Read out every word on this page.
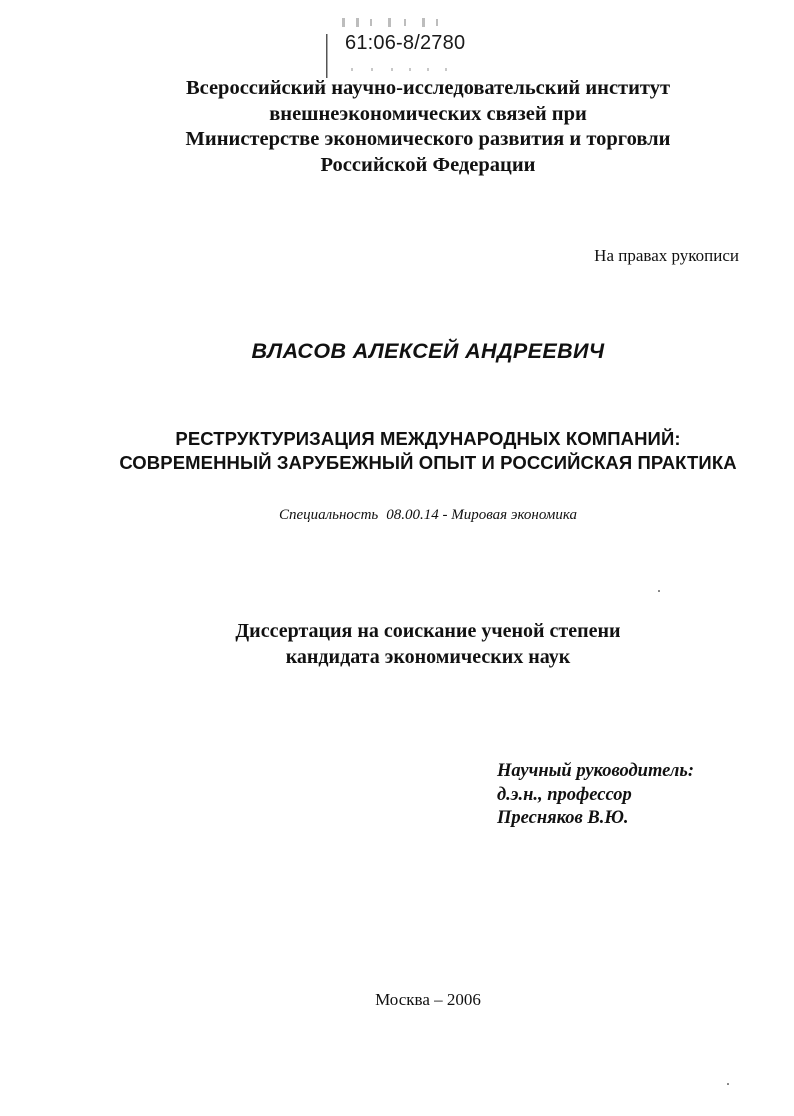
61:06-8/2780
Всероссийский научно-исследовательский институт
внешнеэкономических связей при
Министерстве экономического развития и торговли
Российской Федерации
На правах рукописи
ВЛАСОВ АЛЕКСЕЙ АНДРЕЕВИЧ
РЕСТРУКТУРИЗАЦИЯ МЕЖДУНАРОДНЫХ КОМПАНИЙ:
СОВРЕМЕННЫЙ ЗАРУБЕЖНЫЙ ОПЫТ И РОССИЙСКАЯ ПРАКТИКА
Специальность 08.00.14 - Мировая экономика
Диссертация на соискание ученой степени
кандидата экономических наук
Научный руководитель:
д.э.н., профессор
Пресняков В.Ю.
Москва – 2006
